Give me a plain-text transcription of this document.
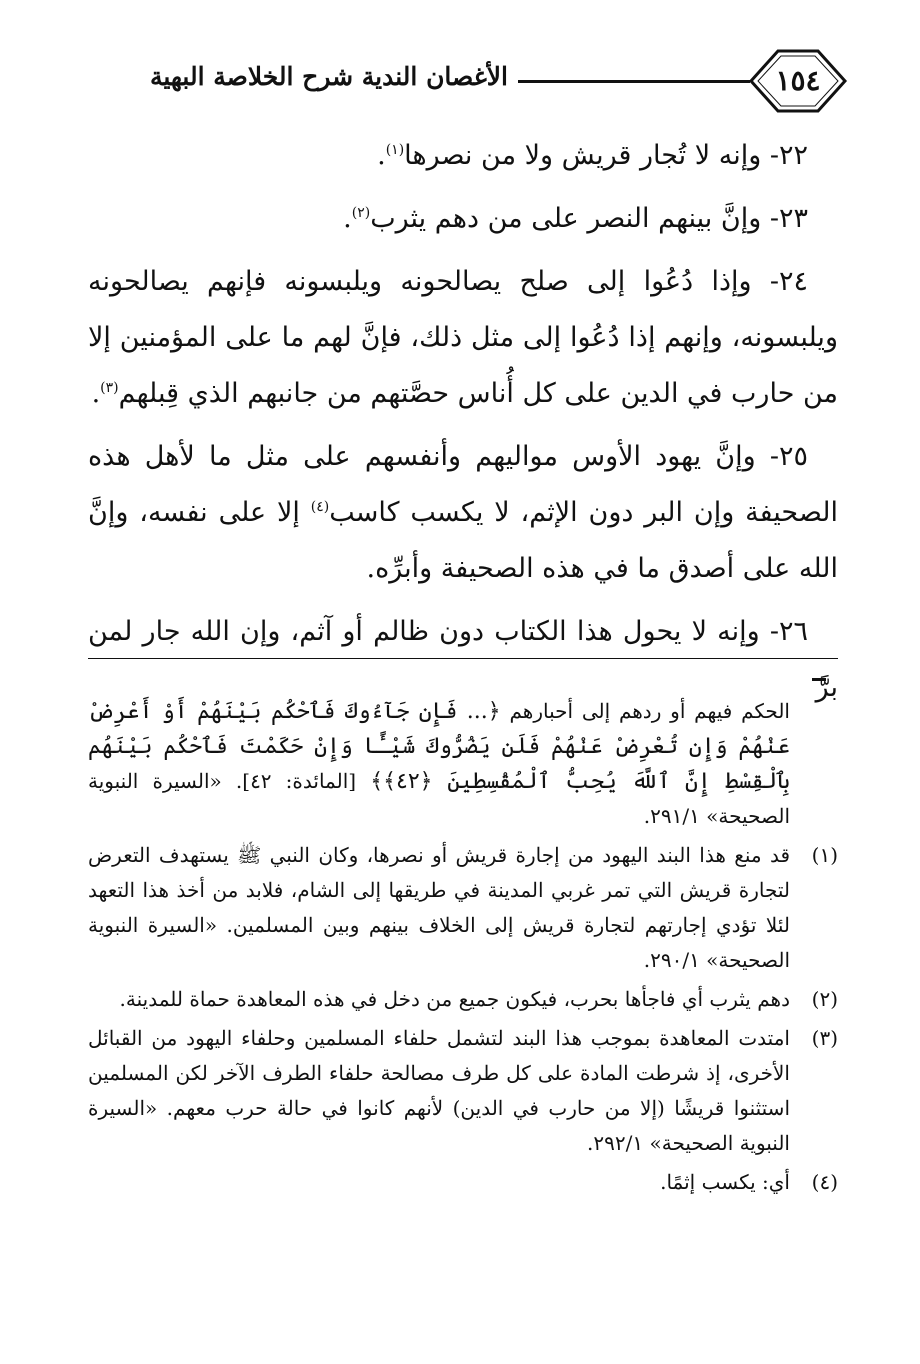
١٥٤
الأغصان الندية شرح الخلاصة البهية

٢٢- وإنه لا تُجار قريش ولا من نصرها$^{(١)}$.

٢٣- وإنَّ بينهم النصر على من دهم يثرب$^{(٢)}$.

٢٤- وإذا دُعُوا إلى صلح يصالحونه ويلبسونه فإنهم يصالحونه ويلبسونه، وإنهم إذا دُعُوا إلى مثل ذلك، فإنَّ لهم ما على المؤمنين إلا من حارب في الدين على كل أُناس حصَّتهم من جانبهم الذي قِبلهم$^{(٣)}$.

٢٥- وإنَّ يهود الأوس مواليهم وأنفسهم على مثل ما لأهل هذه الصحيفة وإن البر دون الإثم، لا يكسب كاسب$^{(٤)}$ إلا على نفسه، وإنَّ الله على أصدق ما في هذه الصحيفة وأبرِّه.

٢٦- وإنه لا يحول هذا الكتاب دون ظالم أو آثم، وإن الله جار لمن برَّ

الحكم فيهم أو ردهم إلى أحبارهم ﴿... فَإِن جَآءُوكَ فَٱحْكُم بَيْنَهُمْ أَوْ أَعْرِضْ عَنْهُمْ وَإِن تُعْرِضْ عَنْهُمْ فَلَن يَضُرُّوكَ شَيْـًٔا وَإِنْ حَكَمْتَ فَٱحْكُم بَيْنَهُم بِٱلْقِسْطِ إِنَّ ٱللَّهَ يُحِبُّ ٱلْمُقْسِطِينَ ﴿٤٢﴾﴾ [المائدة: ٤٢]. «السيرة النبوية الصحيحة» ٢٩١/١.

(١)قد منع هذا البند اليهود من إجارة قريش أو نصرها، وكان النبي ﷺ يستهدف التعرض لتجارة قريش التي تمر غربي المدينة في طريقها إلى الشام، فلابد من أخذ هذا التعهد لئلا تؤدي إجارتهم لتجارة قريش إلى الخلاف بينهم وبين المسلمين. «السيرة النبوية الصحيحة» ٢٩٠/١.

(٢)دهم يثرب أي فاجأها بحرب، فيكون جميع من دخل في هذه المعاهدة حماة للمدينة.

(٣)امتدت المعاهدة بموجب هذا البند لتشمل حلفاء المسلمين وحلفاء اليهود من القبائل الأخرى، إذ شرطت المادة على كل طرف مصالحة حلفاء الطرف الآخر لكن المسلمين استثنوا قريشًا (إلا من حارب في الدين) لأنهم كانوا في حالة حرب معهم. «السيرة النبوية الصحيحة» ٢٩٢/١.

(٤)أي: يكسب إثمًا.
